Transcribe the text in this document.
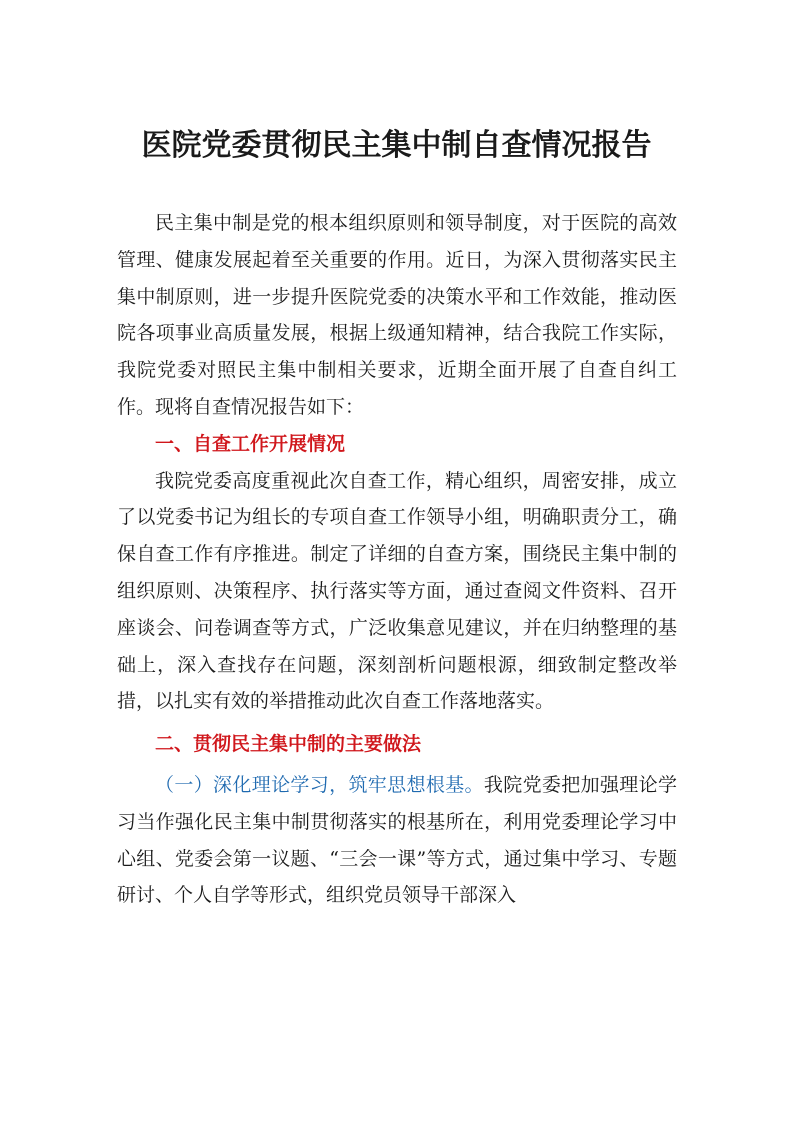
医院党委贯彻民主集中制自查情况报告

民主集中制是党的根本组织原则和领导制度，对于医院的高效管理、健康发展起着至关重要的作用。近日，为深入贯彻落实民主集中制原则，进一步提升医院党委的决策水平和工作效能，推动医院各项事业高质量发展，根据上级通知精神，结合我院工作实际，我院党委对照民主集中制相关要求，近期全面开展了自查自纠工作。现将自查情况报告如下：

一、自查工作开展情况

我院党委高度重视此次自查工作，精心组织，周密安排，成立了以党委书记为组长的专项自查工作领导小组，明确职责分工，确保自查工作有序推进。制定了详细的自查方案，围绕民主集中制的组织原则、决策程序、执行落实等方面，通过查阅文件资料、召开座谈会、问卷调查等方式，广泛收集意见建议，并在归纳整理的基础上，深入查找存在问题，深刻剖析问题根源，细致制定整改举措，以扎实有效的举措推动此次自查工作落地落实。

二、贯彻民主集中制的主要做法

（一）深化理论学习，筑牢思想根基。我院党委把加强理论学习当作强化民主集中制贯彻落实的根基所在，利用党委理论学习中心组、党委会第一议题、“三会一课”等方式，通过集中学习、专题研讨、个人自学等形式，组织党员领导干部深入
